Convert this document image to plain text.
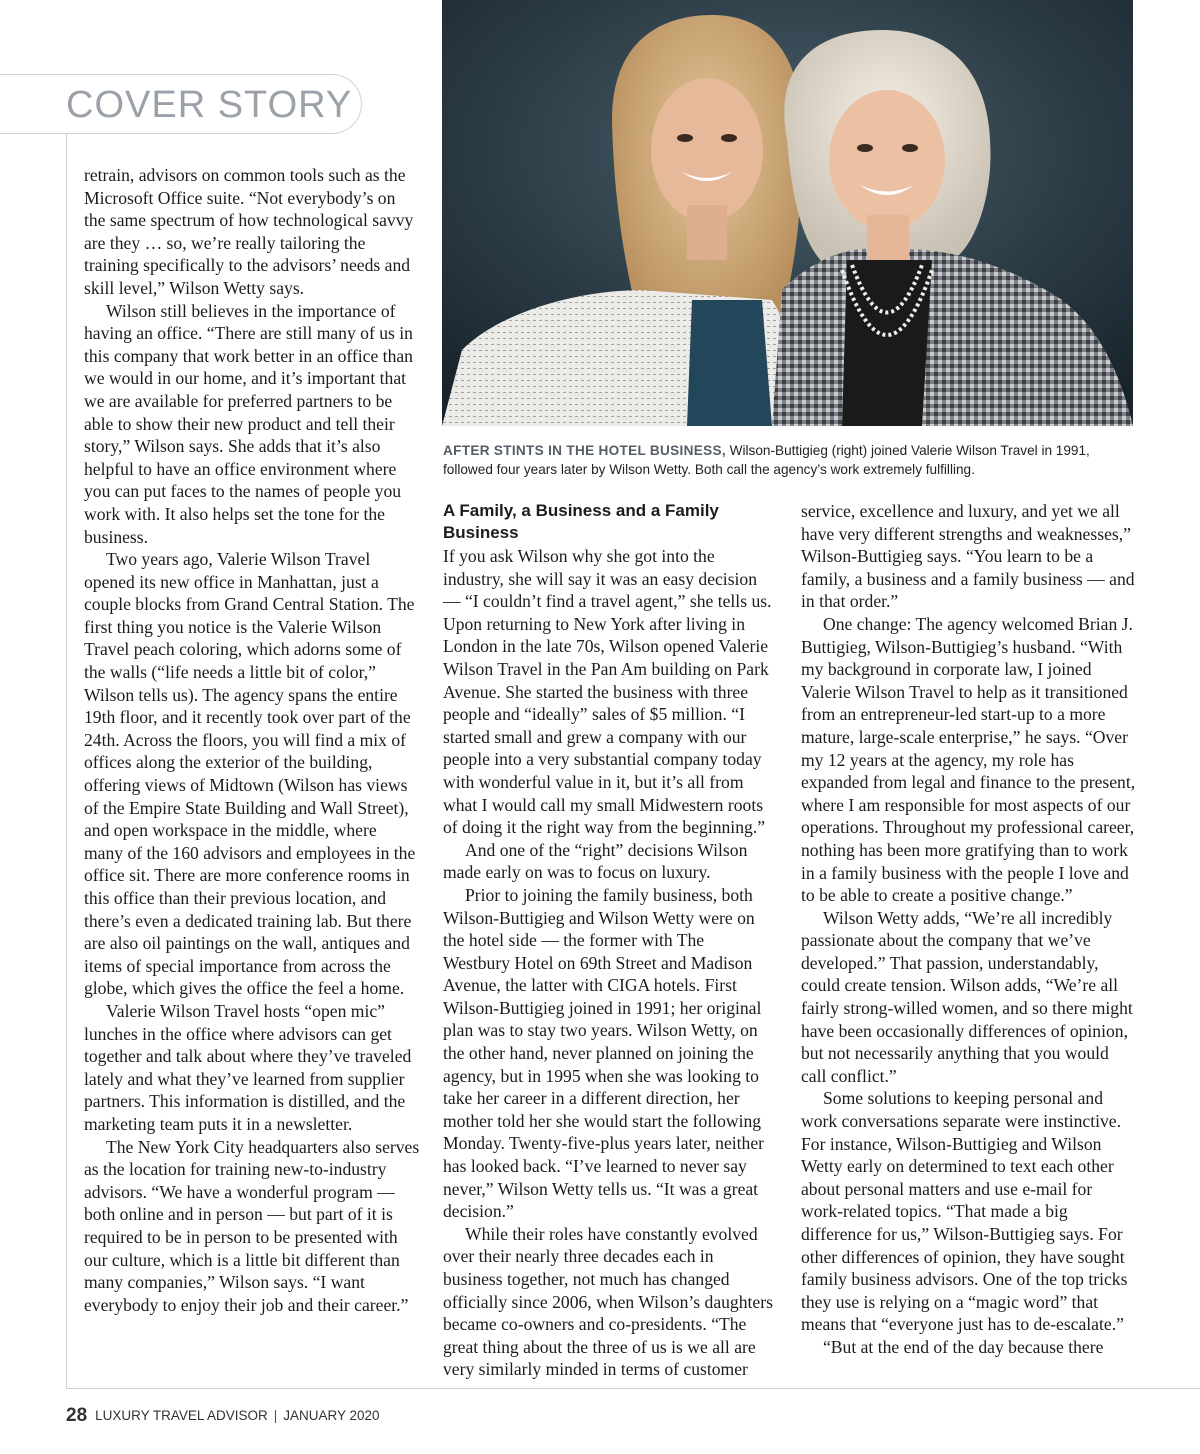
COVER STORY

retrain, advisors on common tools such as the Microsoft Office suite. “Not everybody’s on the same spectrum of how technological savvy are they … so, we’re really tailoring the training specifically to the advisors’ needs and skill level,” Wilson Wetty says.

Wilson still believes in the importance of having an office. “There are still many of us in this company that work better in an office than we would in our home, and it’s important that we are available for preferred partners to be able to show their new product and tell their story,” Wilson says. She adds that it’s also helpful to have an office environment where you can put faces to the names of people you work with. It also helps set the tone for the business.

Two years ago, Valerie Wilson Travel opened its new office in Manhattan, just a couple blocks from Grand Central Station. The first thing you notice is the Valerie Wilson Travel peach coloring, which adorns some of the walls (“life needs a little bit of color,” Wilson tells us). The agency spans the entire 19th floor, and it recently took over part of the 24th. Across the floors, you will find a mix of offices along the exterior of the building, offering views of Midtown (Wilson has views of the Empire State Building and Wall Street), and open workspace in the middle, where many of the 160 advisors and employees in the office sit. There are more conference rooms in this office than their previous location, and there’s even a dedicated training lab. But there are also oil paintings on the wall, antiques and items of special importance from across the globe, which gives the office the feel a home.

Valerie Wilson Travel hosts “open mic” lunches in the office where advisors can get together and talk about where they’ve traveled lately and what they’ve learned from supplier partners. This information is distilled, and the marketing team puts it in a newsletter.

The New York City headquarters also serves as the location for training new-to-industry advisors. “We have a wonderful program — both online and in person — but part of it is required to be in person to be presented with our culture, which is a little bit different than many companies,” Wilson says. “I want everybody to enjoy their job and their career.”

AFTER STINTS IN THE HOTEL BUSINESS, Wilson-Buttigieg (right) joined Valerie Wilson Travel in 1991, followed four years later by Wilson Wetty. Both call the agency’s work extremely fulfilling.
A Family, a Business and a Family Business

If you ask Wilson why she got into the industry, she will say it was an easy decision — “I couldn’t find a travel agent,” she tells us. Upon returning to New York after living in London in the late 70s, Wilson opened Valerie Wilson Travel in the Pan Am building on Park Avenue. She started the business with three people and “ideally” sales of $5 million. “I started small and grew a company with our people into a very substantial company today with wonderful value in it, but it’s all from what I would call my small Midwestern roots of doing it the right way from the beginning.”

And one of the “right” decisions Wilson made early on was to focus on luxury.

Prior to joining the family business, both Wilson-Buttigieg and Wilson Wetty were on the hotel side — the former with The Westbury Hotel on 69th Street and Madison Avenue, the latter with CIGA hotels. First Wilson-Buttigieg joined in 1991; her original plan was to stay two years. Wilson Wetty, on the other hand, never planned on joining the agency, but in 1995 when she was looking to take her career in a different direction, her mother told her she would start the following Monday. Twenty-five-plus years later, neither has looked back. “I’ve learned to never say never,” Wilson Wetty tells us. “It was a great decision.”

While their roles have constantly evolved over their nearly three decades each in business together, not much has changed officially since 2006, when Wilson’s daughters became co-owners and co-presidents. “The great thing about the three of us is we all are very similarly minded in terms of customer

service, excellence and luxury, and yet we all have very different strengths and weaknesses,” Wilson-Buttigieg says. “You learn to be a family, a business and a family business — and in that order.”

One change: The agency welcomed Brian J. Buttigieg, Wilson-Buttigieg’s husband. “With my background in corporate law, I joined Valerie Wilson Travel to help as it transitioned from an entrepreneur-led start-up to a more mature, large-scale enterprise,” he says. “Over my 12 years at the agency, my role has expanded from legal and finance to the present, where I am responsible for most aspects of our operations. Throughout my professional career, nothing has been more gratifying than to work in a family business with the people I love and to be able to create a positive change.”

Wilson Wetty adds, “We’re all incredibly passionate about the company that we’ve developed.” That passion, understandably, could create tension. Wilson adds, “We’re all fairly strong-willed women, and so there might have been occasionally differences of opinion, but not necessarily anything that you would call conflict.”

Some solutions to keeping personal and work conversations separate were instinctive. For instance, Wilson-Buttigieg and Wilson Wetty early on determined to text each other about personal matters and use e-mail for work-related topics. “That made a big difference for us,” Wilson-Buttigieg says. For other differences of opinion, they have sought family business advisors. One of the top tricks they use is relying on a “magic word” that means that “everyone just has to de-escalate.”

“But at the end of the day because there

28 LUXURY TRAVEL ADVISOR | JANUARY 2020
